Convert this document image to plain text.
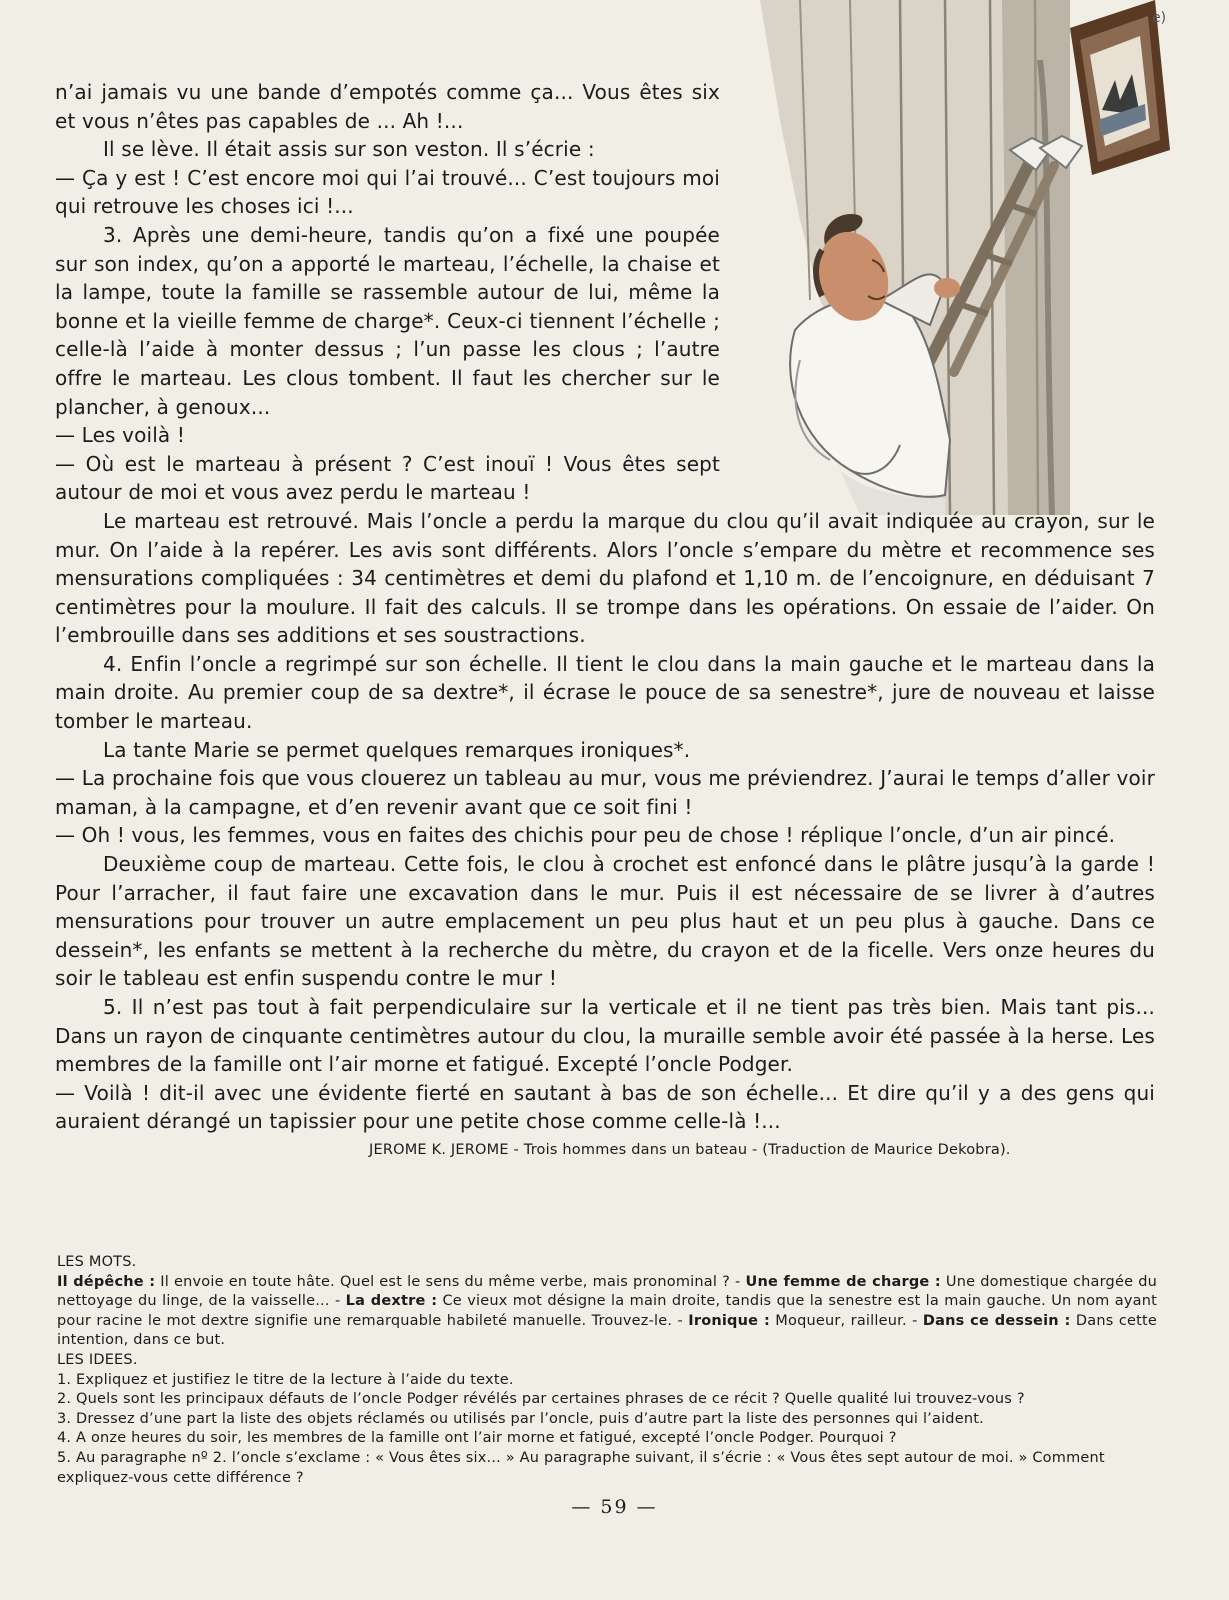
e)

n’ai jamais vu une bande d’empotés comme ça... Vous êtes six et vous n’êtes pas capables de ... Ah !...

Il se lève. Il était assis sur son veston. Il s’écrie :

— Ça y est ! C’est encore moi qui l’ai trouvé... C’est toujours moi qui retrouve les choses ici !...

3. Après une demi-heure, tandis qu’on a fixé une poupée sur son index, qu’on a apporté le marteau, l’échelle, la chaise et la lampe, toute la famille se rassemble autour de lui, même la bonne et la vieille femme de charge*. Ceux-ci tiennent l’échelle ; celle-là l’aide à monter dessus ; l’un passe les clous ; l’autre offre le marteau. Les clous tombent. Il faut les chercher sur le plancher, à genoux...

— Les voilà !

— Où est le marteau à présent ? C’est inouï ! Vous êtes sept autour de moi et vous avez perdu le marteau !

Le marteau est retrouvé. Mais l’oncle a perdu la marque du clou qu’il avait indiquée au crayon, sur le mur. On l’aide à la repérer. Les avis sont différents. Alors l’oncle s’empare du mètre et recommence ses mensurations compliquées : 34 centimètres et demi du plafond et 1,10 m. de l’encoignure, en déduisant 7 centimètres pour la moulure. Il fait des calculs. Il se trompe dans les opérations. On essaie de l’aider. On l’embrouille dans ses additions et ses soustractions.

4. Enfin l’oncle a regrimpé sur son échelle. Il tient le clou dans la main gauche et le marteau dans la main droite. Au premier coup de sa dextre*, il écrase le pouce de sa senestre*, jure de nouveau et laisse tomber le marteau.

La tante Marie se permet quelques remarques ironiques*.

— La prochaine fois que vous clouerez un tableau au mur, vous me préviendrez. J’aurai le temps d’aller voir maman, à la campagne, et d’en revenir avant que ce soit fini !

— Oh ! vous, les femmes, vous en faites des chichis pour peu de chose ! réplique l’oncle, d’un air pincé.

Deuxième coup de marteau. Cette fois, le clou à crochet est enfoncé dans le plâtre jusqu’à la garde ! Pour l’arracher, il faut faire une excavation dans le mur. Puis il est nécessaire de se livrer à d’autres mensurations pour trouver un autre emplacement un peu plus haut et un peu plus à gauche. Dans ce dessein*, les enfants se mettent à la recherche du mètre, du crayon et de la ficelle. Vers onze heures du soir le tableau est enfin suspendu contre le mur !

5. Il n’est pas tout à fait perpendiculaire sur la verticale et il ne tient pas très bien. Mais tant pis... Dans un rayon de cinquante centimètres autour du clou, la muraille semble avoir été passée à la herse. Les membres de la famille ont l’air morne et fatigué. Excepté l’oncle Podger.

— Voilà ! dit-il avec une évidente fierté en sautant à bas de son échelle... Et dire qu’il y a des gens qui auraient dérangé un tapissier pour une petite chose comme celle-là !...

JEROME K. JEROME - Trois hommes dans un bateau - (Traduction de Maurice Dekobra).

LES MOTS.
Il dépêche : Il envoie en toute hâte. Quel est le sens du même verbe, mais pronominal ? - Une femme de charge : Une domestique chargée du nettoyage du linge, de la vaisselle... - La dextre : Ce vieux mot désigne la main droite, tandis que la senestre est la main gauche. Un nom ayant pour racine le mot dextre signifie une remarquable habileté manuelle. Trouvez-le. - Ironique : Moqueur, railleur. - Dans ce dessein : Dans cette intention, dans ce but.
LES IDEES.
1. Expliquez et justifiez le titre de la lecture à l’aide du texte.
2. Quels sont les principaux défauts de l’oncle Podger révélés par certaines phrases de ce récit ? Quelle qualité lui trouvez-vous ?
3. Dressez d’une part la liste des objets réclamés ou utilisés par l’oncle, puis d’autre part la liste des personnes qui l’aident.
4. A onze heures du soir, les membres de la famille ont l’air morne et fatigué, excepté l’oncle Podger. Pourquoi ?
5. Au paragraphe nº 2. l’oncle s’exclame : « Vous êtes six... » Au paragraphe suivant, il s’écrie : « Vous êtes sept autour de moi. » Comment expliquez-vous cette différence ?
— 59 —
